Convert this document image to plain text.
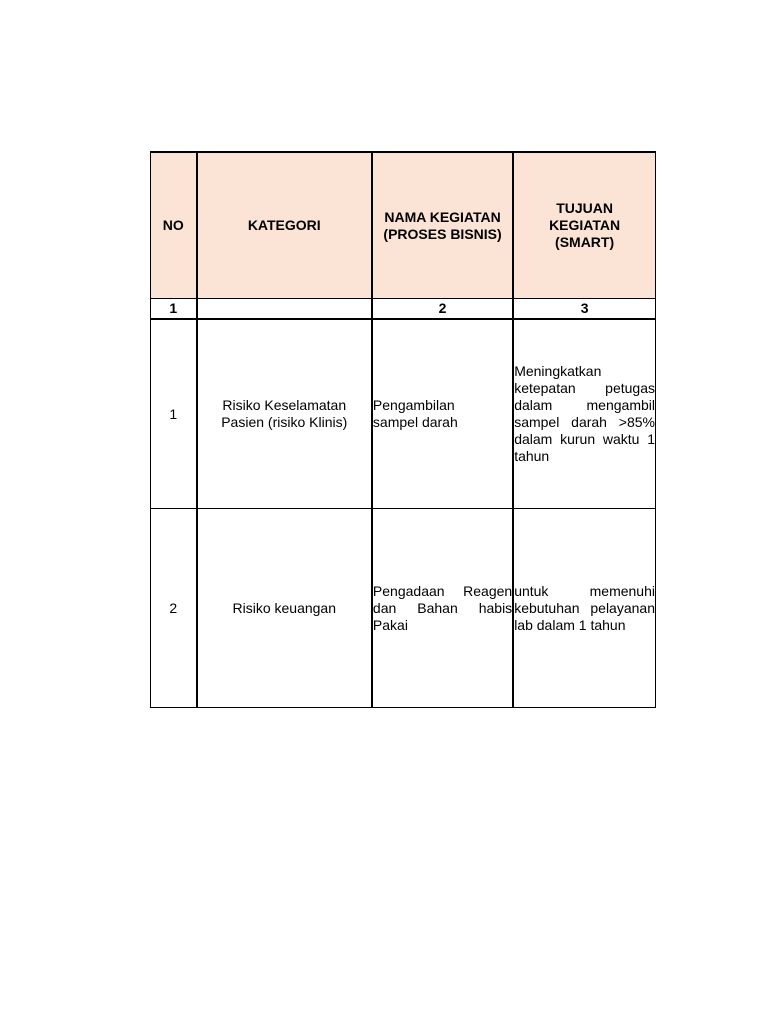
NO	KATEGORI	NAMA KEGIATAN (PROSES BISNIS)	TUJUAN KEGIATAN (SMART)
1		2	3
1	Risiko Keselamatan Pasien (risiko Klinis)	Pengambilan sampel darah	Meningkatkan ketepatan petugas dalam mengambil sampel darah >85% dalam kurun waktu 1 tahun
2	Risiko keuangan	Pengadaan Reagen dan Bahan habis Pakai	untuk memenuhi kebutuhan pelayanan lab dalam 1 tahun
